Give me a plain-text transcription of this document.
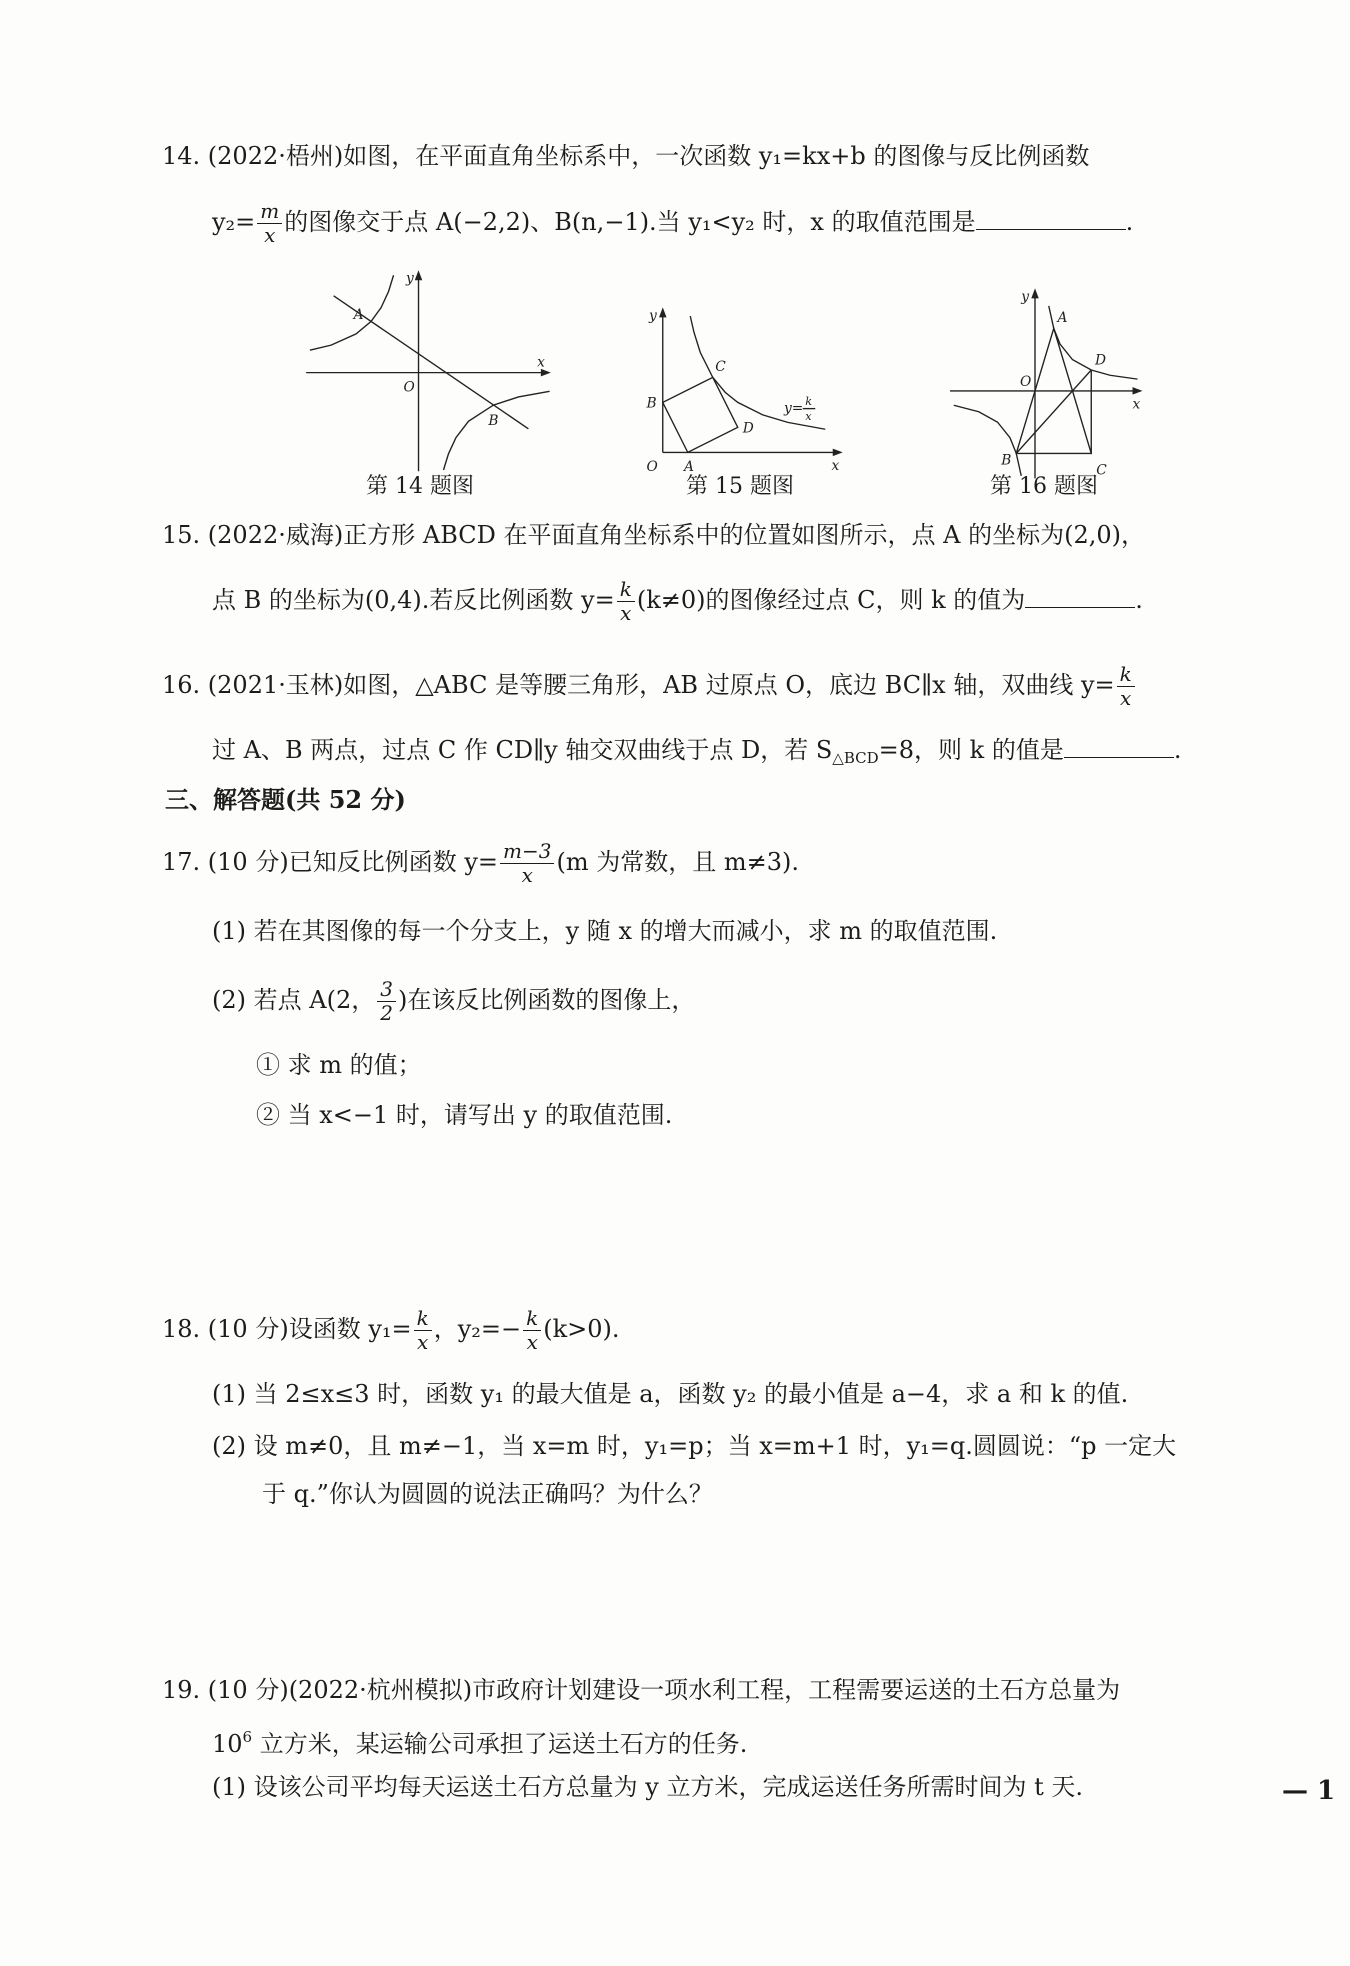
14. (2022·梧州)如图，在平面直角坐标系中，一次函数 y₁=kx+b 的图像与反比例函数
$y_2= \frac{m}{x}$ 的图像交于点 A(−2,2)、B(n,−1).当 y₁<y₂ 时，x 的取值范围是	.
y
x
O
A
B
y
x
O A
B
C
D
y= k
x
y
x
O
A
D
B
C
第 14 题图	第 15 题图	第 16 题图
15. (2022·威海)正方形 ABCD 在平面直角坐标系中的位置如图所示，点 A 的坐标为(2,0)，
点 B 的坐标为(0,4).若反比例函数 $y= \frac{k}{x} (k\ne 0)$的图像经过点 C，则 k 的值为	.
16. (2021·玉林)如图，△ABC 是等腰三角形，AB 过原点 O，底边 BC∥x 轴，双曲线 $y= \frac{k}{x}$
过 A、B 两点，过点 C 作 CD∥y 轴交双曲线于点 D，若 $S_{\triangle BCD}=8$，则 k 的值是	.
三、解答题(共 52 分)
17. (10 分)已知反比例函数 $y= \frac{m-3}{x} (m$ 为常数，且 m≠3).
(1) 若在其图像的每一个分支上，y 随 x 的增大而减小，求 m 的取值范围.
(2) 若点 A(2， $\frac{3}{2}$ )在该反比例函数的图像上，
① 求 m 的值；
② 当 x<−1 时，请写出 y 的取值范围.
18. (10 分)设函数 $y_1= \frac{k}{x}$ ，$y_2=- \frac{k}{x} (k>0)$.
(1) 当 2≤x≤3 时，函数 y₁ 的最大值是 a，函数 y₂ 的最小值是 a−4，求 a 和 k 的值.
(2) 设 m≠0，且 m≠−1，当 x=m 时，y₁=p；当 x=m+1 时，y₁=q.圆圆说：“p 一定大
于 q.”你认为圆圆的说法正确吗？为什么？
19. (10 分)(2022·杭州模拟)市政府计划建设一项水利工程，工程需要运送的土石方总量为
$10^6$ 立方米，某运输公司承担了运送土石方的任务.
(1) 设该公司平均每天运送土石方总量为 y 立方米，完成运送任务所需时间为 t 天.	— 1
